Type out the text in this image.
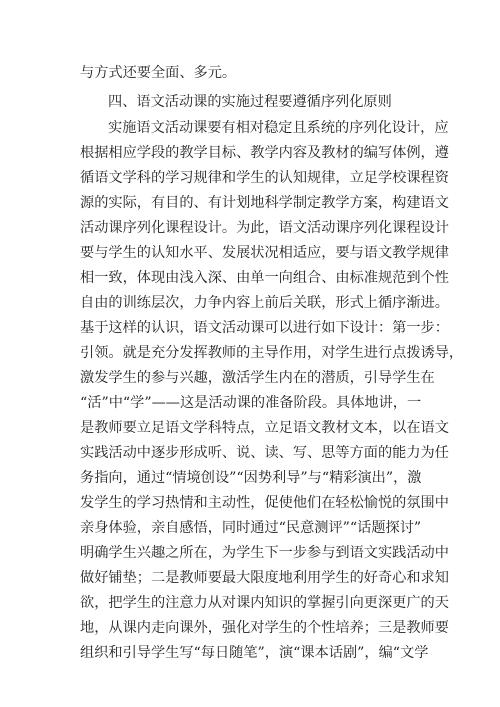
与方式还要全面、多元。
四、语文活动课的实施过程要遵循序列化原则
实施语文活动课要有相对稳定且系统的序列化设计，应
根据相应学段的教学目标、教学内容及教材的编写体例，遵
循语文学科的学习规律和学生的认知规律，立足学校课程资
源的实际，有目的、有计划地科学制定教学方案，构建语文
活动课序列化课程设计。为此，语文活动课序列化课程设计
要与学生的认知水平、发展状况相适应，要与语文教学规律
相一致，体现由浅入深、由单一向组合、由标准规范到个性
自由的训练层次，力争内容上前后关联，形式上循序渐进。
基于这样的认识，语文活动课可以进行如下设计：第一步：
引领。就是充分发挥教师的主导作用，对学生进行点拨诱导，
激发学生的参与兴趣，激活学生内在的潜质，引导学生在
“活”中“学”——这是活动课的准备阶段。具体地讲，一
是教师要立足语文学科特点，立足语文教材文本，以在语文
实践活动中逐步形成听、说、读、写、思等方面的能力为任
务指向，通过“情境创设”“因势利导”与“精彩演出”，激
发学生的学习热情和主动性，促使他们在轻松愉悦的氛围中
亲身体验，亲自感悟，同时通过“民意测评”“话题探讨”
明确学生兴趣之所在，为学生下一步参与到语文实践活动中
做好铺垫；二是教师要最大限度地利用学生的好奇心和求知
欲，把学生的注意力从对课内知识的掌握引向更深更广的天
地，从课内走向课外，强化对学生的个性培养；三是教师要
组织和引导学生写“每日随笔”，演“课本话剧”，编“文学
